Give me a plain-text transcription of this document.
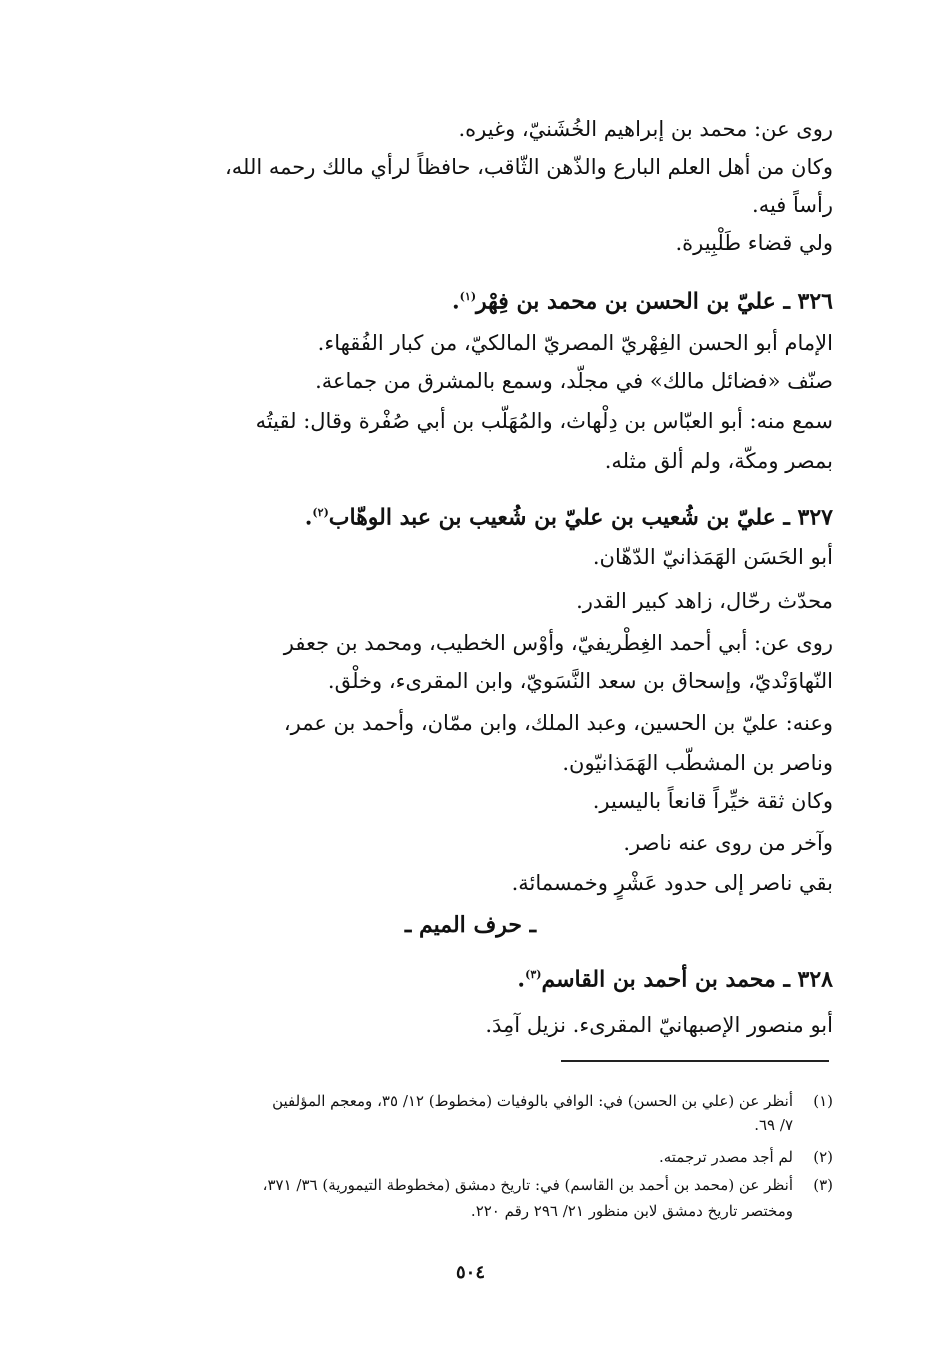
روى عن: محمد بن إبراهيم الخُشَنيّ، وغيره.
وكان من أهل العلم البارع والذّهن الثّاقب، حافظاً لرأي مالك رحمه الله،
رأساً فيه.
ولي قضاء طَلْبِيرة.
٣٢٦ ـ عليّ بن الحسن بن محمد بن فِهْر$^{(١)}$.
الإمام أبو الحسن الفِهْريّ المصريّ المالكيّ، من كبار الفُقهاء.
صنّف «فضائل مالك» في مجلّد، وسمع بالمشرق من جماعة.
سمع منه: أبو العبّاس بن دِلْهاث، والمُهَلّب بن أبي صُفْرة وقال: لقيتُه
بمصر ومكّة، ولم ألق مثله.
٣٢٧ ـ عليّ بن شُعيب بن عليّ بن شُعيب بن عبد الوهّاب$^{(٢)}$.
أبو الحَسَن الهَمَذانيّ الدّهّان.
محدّث رحّال، زاهد كبير القدر.
روى عن: أبي أحمد الغِطْريفيّ، وأوْس الخطيب، ومحمد بن جعفر
النّهاوَنْديّ، وإسحاق بن سعد النَّسَويّ، وابن المقرىء، وخلْق.
وعنه: عليّ بن الحسين، وعبد الملك، وابن ممّان، وأحمد بن عمر،
وناصر بن المشطّب الهَمَذانيّون.
وكان ثقة خيِّراً قانعاً باليسير.
وآخر من روى عنه ناصر.
بقي ناصر إلى حدود عَشْرٍ وخمسمائة.
ـ حرف الميم ـ
٣٢٨ ـ محمد بن أحمد بن القاسم$^{(٣)}$.
أبو منصور الإصبهانيّ المقرىء. نزيل آمِدَ.
(١)أنظر عن (علي بن الحسن) في: الوافي بالوفيات (مخطوط) ١٢/ ٣٥، ومعجم المؤلفين
٧/ ٦٩.
(٢)لم أجد مصدر ترجمته.
(٣)أنظر عن (محمد بن أحمد بن القاسم) في: تاريخ دمشق (مخطوطة التيمورية) ٣٦/ ٣٧١،
ومختصر تاريخ دمشق لابن منظور ٢١/ ٢٩٦ رقم ٢٢٠.
٥٠٤
